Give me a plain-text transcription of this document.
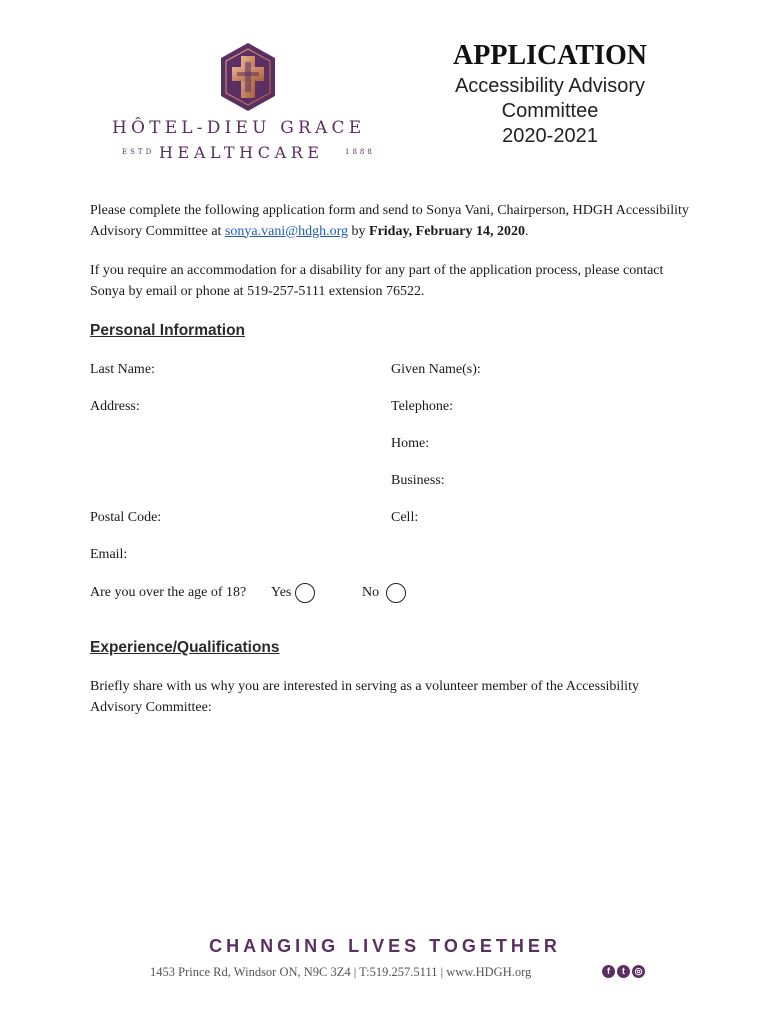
HÔTEL-DIEU GRACE
ESTD HEALTHCARE	1888
APPLICATION
Accessibility Advisory
Committee
2020-2021
Please complete the following application form and send to Sonya Vani, Chairperson, HDGH Accessibility Advisory Committee at sonya.vani@hdgh.org by Friday, February 14, 2020.
If you require an accommodation for a disability for any part of the application process, please contact Sonya by email or phone at 519-257-5111 extension 76522.
Personal Information
Last Name:	Given Name(s):
Address:	Telephone:
Home:
Business:
Postal Code:	Cell:
Email:
Are you over the age of 18? Yes	No
Experience/Qualifications
Briefly share with us why you are interested in serving as a volunteer member of the Accessibility Advisory Committee:
CHANGING LIVES TOGETHER
1453 Prince Rd, Windsor ON, N9C 3Z4 | T:519.257.5111 | www.HDGH.org	f	t	◎
